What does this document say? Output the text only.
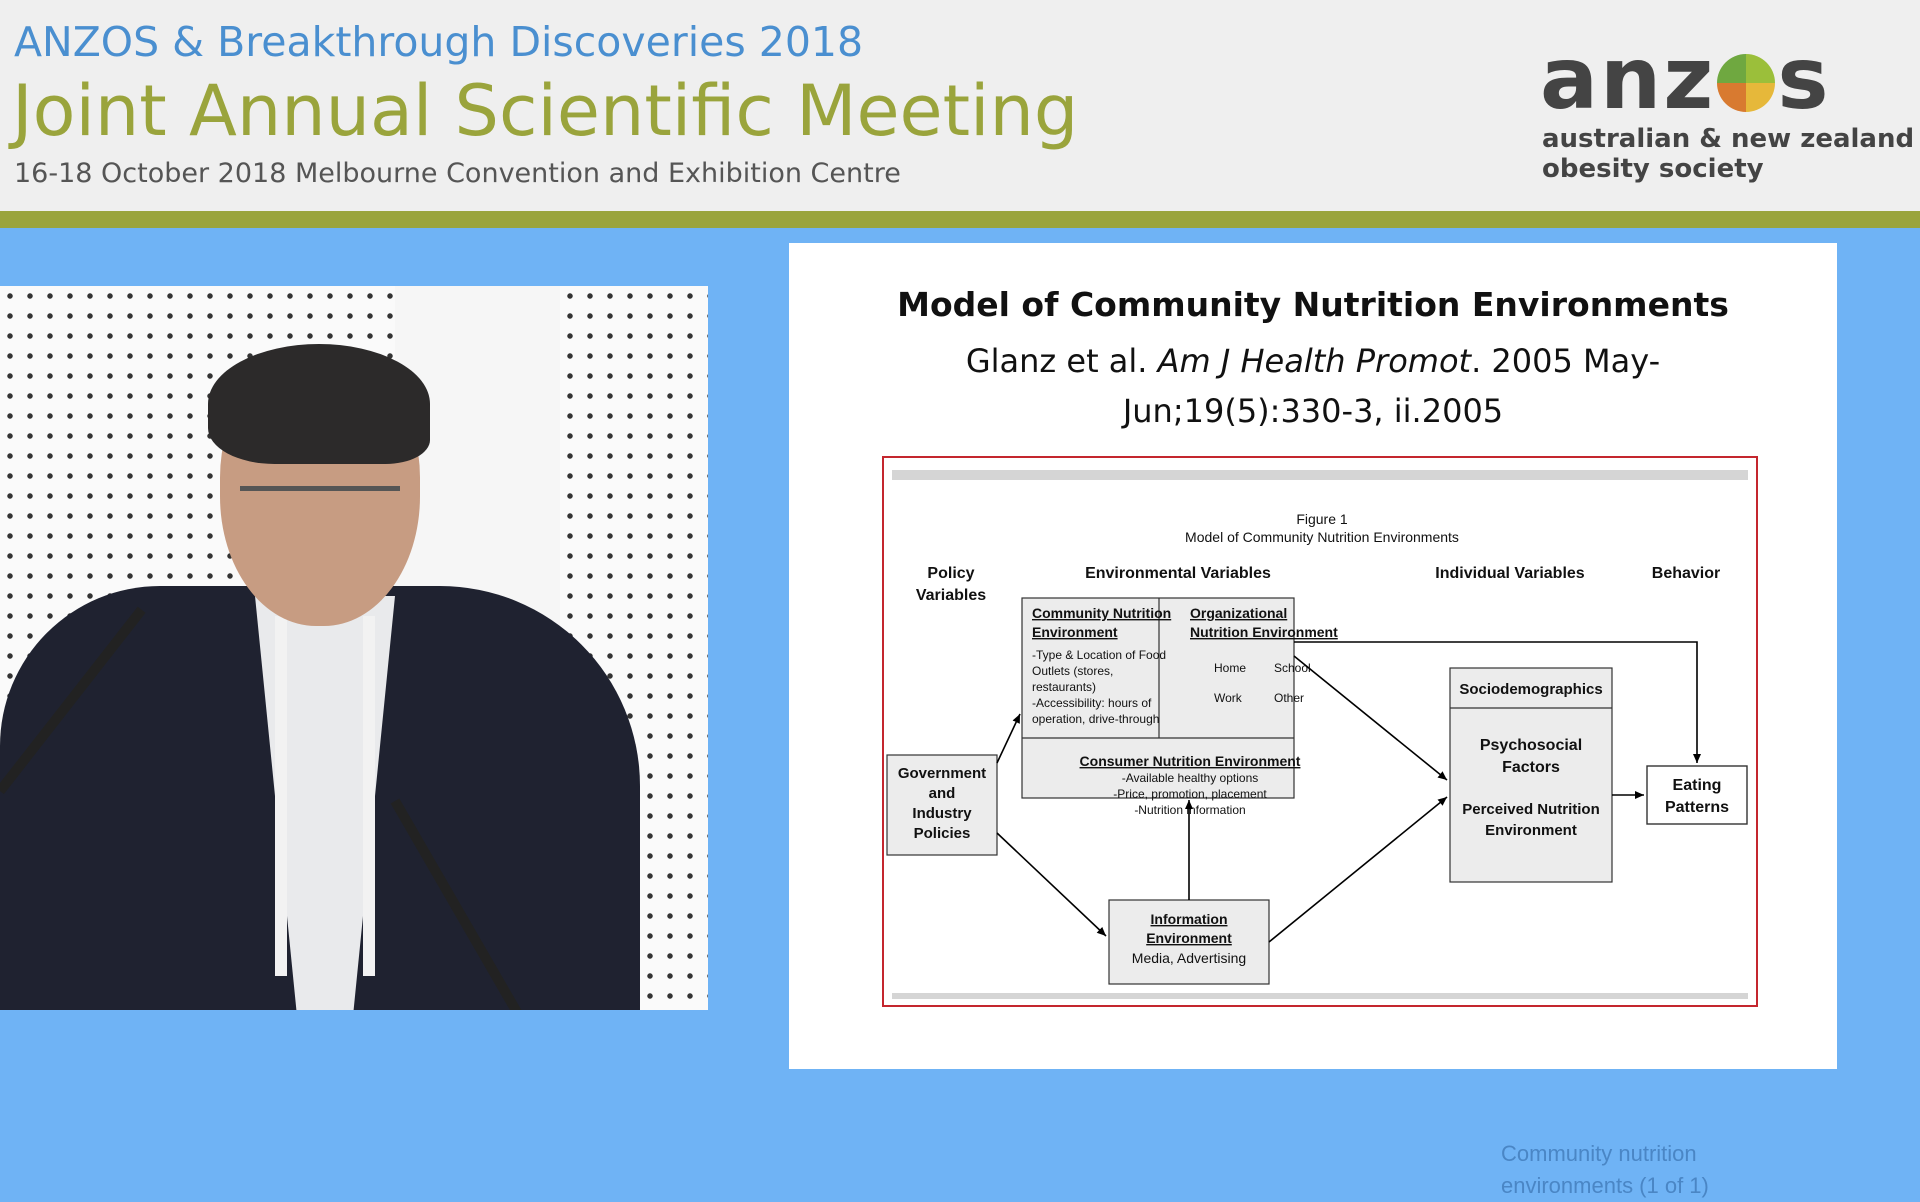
ANZOS & Breakthrough Discoveries 2018
Joint Annual Scientific Meeting
16-18 October 2018 Melbourne Convention and Exhibition Centre
anz s
australian & new zealand
obesity society
Model of Community Nutrition Environments
Glanz et al. Am J Health Promot. 2005 May-Jun;19(5):330-3, ii.2005
Figure 1
Model of Community Nutrition Environments
Policy
Variables
Environmental Variables	Individual Variables	Behavior
Community Nutrition
Environment
-Type & Location of Food
Outlets (stores,
restaurants)
-Accessibility: hours of
operation, drive-through
Organizational
Nutrition Environment
Home School
Work	Other
Consumer Nutrition Environment
-Available healthy options
-Price, promotion, placement
-Nutrition information
Government
and
Industry
Policies
Information
Environment
Media, Advertising
Sociodemographics
Psychosocial
Factors
Perceived Nutrition
Environment
Eating
Patterns
Community nutrition environments (1 of 1)
